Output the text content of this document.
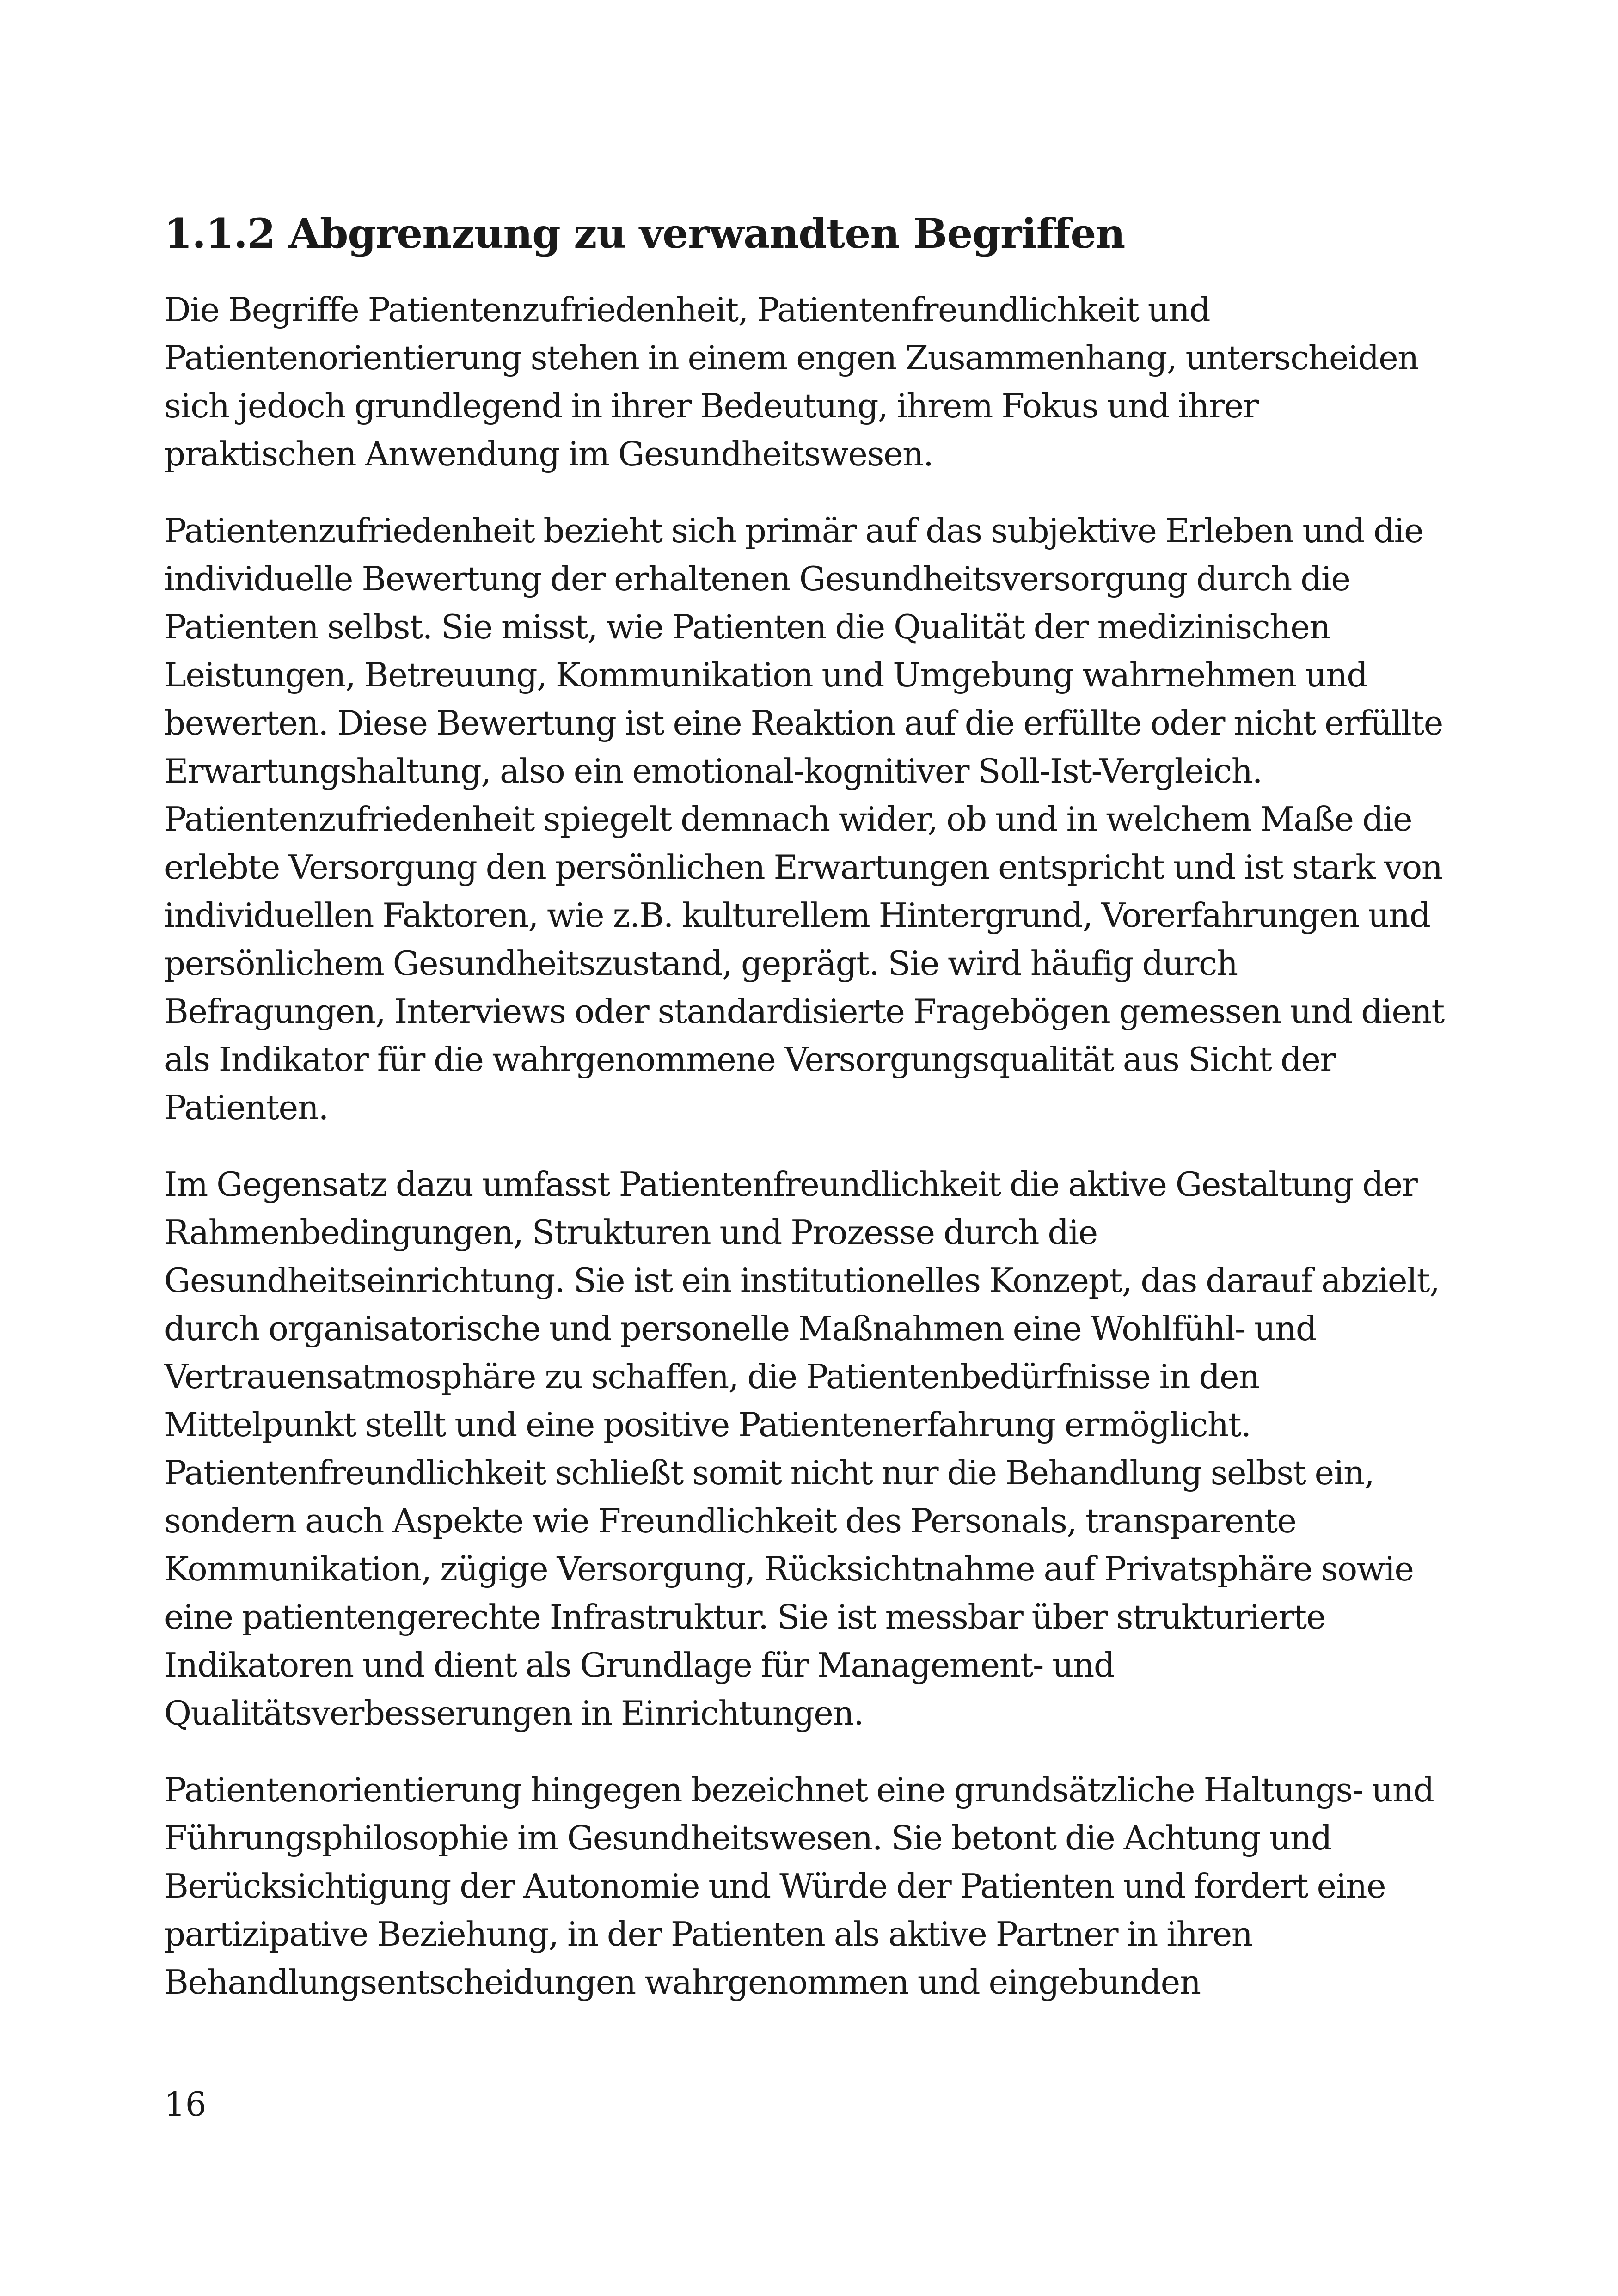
1.1.2 Abgrenzung zu verwandten Begriffen

Die Begriffe Patientenzufriedenheit, Patientenfreundlichkeit und Patientenorientierung stehen in einem engen Zusammenhang, unterscheiden sich jedoch grundlegend in ihrer Bedeutung, ihrem Fokus und ihrer praktischen Anwendung im Gesundheitswesen.

Patientenzufriedenheit bezieht sich primär auf das subjektive Erleben und die individuelle Bewertung der erhaltenen Gesundheitsversorgung durch die Patienten selbst. Sie misst, wie Patienten die Qualität der medizinischen Leistungen, Betreuung, Kommunikation und Umgebung wahrnehmen und bewerten. Diese Bewertung ist eine Reaktion auf die erfüllte oder nicht erfüllte Erwartungshaltung, also ein emotional-kognitiver Soll-Ist-Vergleich. Patientenzufriedenheit spiegelt demnach wider, ob und in welchem Maße die erlebte Versorgung den persönlichen Erwartungen entspricht und ist stark von individuellen Faktoren, wie z.B. kulturellem Hintergrund, Vorerfahrungen und persönlichem Gesundheitszustand, geprägt. Sie wird häufig durch Befragungen, Interviews oder standardisierte Fragebögen gemessen und dient als Indikator für die wahrgenommene Versorgungsqualität aus Sicht der Patienten.

Im Gegensatz dazu umfasst Patientenfreundlichkeit die aktive Gestaltung der Rahmenbedingungen, Strukturen und Prozesse durch die Gesundheitseinrichtung. Sie ist ein institutionelles Konzept, das darauf abzielt, durch organisatorische und personelle Maßnahmen eine Wohlfühl- und Vertrauensatmosphäre zu schaffen, die Patientenbedürfnisse in den Mittelpunkt stellt und eine positive Patientenerfahrung ermöglicht. Patientenfreundlichkeit schließt somit nicht nur die Behandlung selbst ein, sondern auch Aspekte wie Freundlichkeit des Personals, transparente Kommunikation, zügige Versorgung, Rücksichtnahme auf Privatsphäre sowie eine patientengerechte Infrastruktur. Sie ist messbar über strukturierte Indikatoren und dient als Grundlage für Management- und Qualitätsverbesserungen in Einrichtungen.

Patientenorientierung hingegen bezeichnet eine grundsätzliche Haltungs- und Führungsphilosophie im Gesundheitswesen. Sie betont die Achtung und Berücksichtigung der Autonomie und Würde der Patienten und fordert eine partizipative Beziehung, in der Patienten als aktive Partner in ihren Behandlungsentscheidungen wahrgenommen und eingebunden

16
